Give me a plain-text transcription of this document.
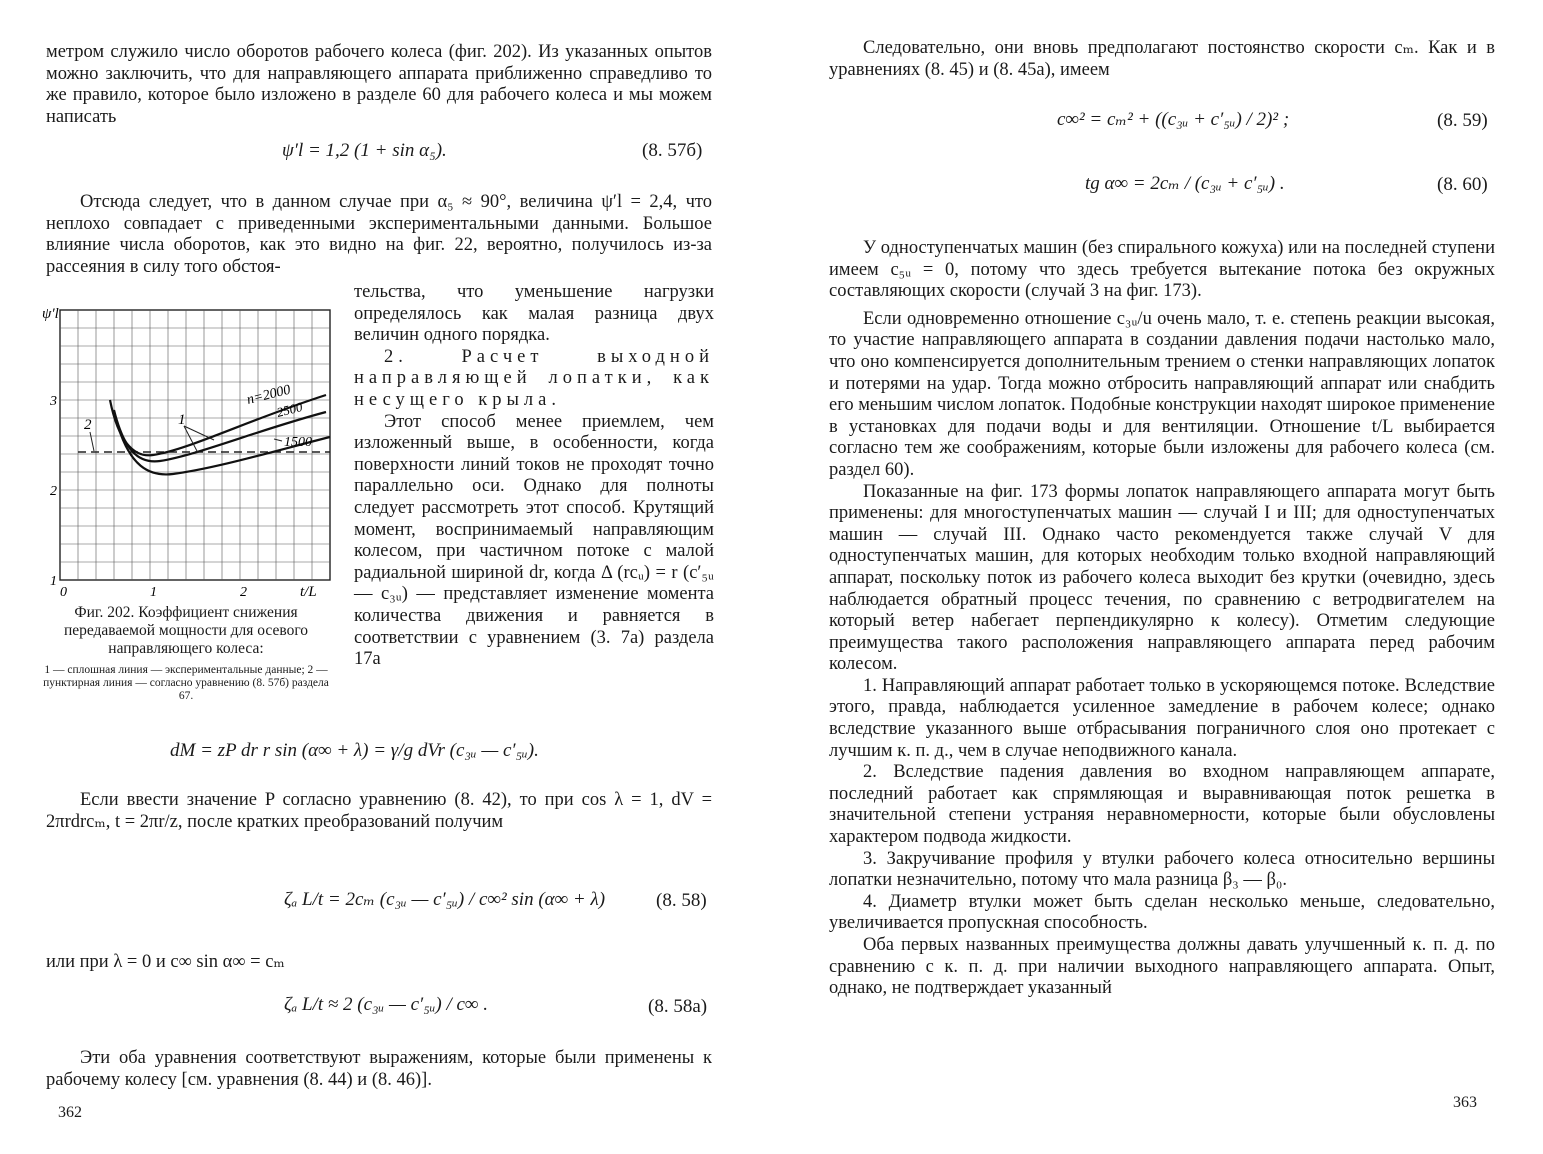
метром служило число оборотов рабочего колеса (фиг. 202). Из указанных опытов можно заключить, что для направляющего аппарата приближенно справедливо то же правило, которое было изложено в разделе 60 для рабочего колеса и мы можем написать

ψ′l = 1,2 (1 + sin α₅).	(8. 57б)

Отсюда следует, что в данном случае при α₅ ≈ 90°, величина ψ′l = 2,4, что неплохо совпадает с приведенными экспериментальными данными. Большое влияние числа оборотов, как это видно на фиг. 22, вероятно, получилось из-за рассеяния в силу того обстоя-

ψ′l
t/L
1
2
3
0	1	2
n=2000
2500
1500
1
2
Фиг. 202. Коэффициент снижения передаваемой мощности для осевого направляющего колеса:
1 — сплошная линия — экспериментальные данные; 2 — пунктирная линия — согласно уравнению (8. 57б) раздела 67.

тельства, что уменьшение нагрузки определялось как малая разница двух величин одного порядка.

2. Расчет выходной направляющей лопатки, как несущего крыла.

Этот способ менее приемлем, чем изложенный выше, в особенности, когда поверхности линий токов не проходят точно параллельно оси. Однако для полноты следует рассмотреть этот способ. Крутящий момент, воспринимаемый направляющим колесом, при частичном потоке с малой радиальной шириной dr, когда Δ (rcᵤ) = r (c′₅ᵤ — c₃ᵤ) — представляет изменение момента количества движения и равняется в соответствии с уравнением (3. 7а) раздела 17а

dM = zP dr r sin (α∞ + λ) = γ/g dVr (c₃ᵤ — c′₅ᵤ).

Если ввести значение P согласно уравнению (8. 42), то при cos λ = 1, dV = 2πrdrcₘ, t = 2πr/z, после кратких преобразований получим

ζₐ L/t = 2cₘ (c₃ᵤ — c′₅ᵤ) / c∞² sin (α∞ + λ)	(8. 58)

или при λ = 0 и c∞ sin α∞ = cₘ

ζₐ L/t ≈ 2 (c₃ᵤ — c′₅ᵤ) / c∞ .	(8. 58а)

Эти оба уравнения соответствуют выражениям, которые были применены к рабочему колесу [см. уравнения (8. 44) и (8. 46)].

362

Следовательно, они вновь предполагают постоянство скорости cₘ. Как и в уравнениях (8. 45) и (8. 45а), имеем

c∞² = cₘ² + ((c₃ᵤ + c′₅ᵤ) / 2)² ;	(8. 59)
tg α∞ = 2cₘ / (c₃ᵤ + c′₅ᵤ) .	(8. 60)

У одноступенчатых машин (без спирального кожуха) или на последней ступени имеем c₅ᵤ = 0, потому что здесь требуется вытекание потока без окружных составляющих скорости (случай 3 на фиг. 173).

Если одновременно отношение c₃ᵤ/u очень мало, т. е. степень реакции высокая, то участие направляющего аппарата в создании давления подачи настолько мало, что оно компенсируется дополнительным трением о стенки направляющих лопаток и потерями на удар. Тогда можно отбросить направляющий аппарат или снабдить его меньшим числом лопаток. Подобные конструкции находят широкое применение в установках для подачи воды и для вентиляции. Отношение t/L выбирается согласно тем же соображениям, которые были изложены для рабочего колеса (см. раздел 60).

Показанные на фиг. 173 формы лопаток направляющего аппарата могут быть применены: для многоступенчатых машин — случай I и III; для одноступенчатых машин — случай III. Однако часто рекомендуется также случай V для одноступенчатых машин, для которых необходим только входной направляющий аппарат, поскольку поток из рабочего колеса выходит без крутки (очевидно, здесь наблюдается обратный процесс течения, по сравнению с ветродвигателем на который ветер набегает перпендикулярно к колесу). Отметим следующие преимущества такого расположения направляющего аппарата перед рабочим колесом.

1. Направляющий аппарат работает только в ускоряющемся потоке. Вследствие этого, правда, наблюдается усиленное замедление в рабочем колесе; однако вследствие указанного выше отбрасывания пограничного слоя оно протекает с лучшим к. п. д., чем в случае неподвижного канала.

2. Вследствие падения давления во входном направляющем аппарате, последний работает как спрямляющая и выравнивающая поток решетка в значительной степени устраняя неравномерности, которые были обусловлены характером подвода жидкости.

3. Закручивание профиля у втулки рабочего колеса относительно вершины лопатки незначительно, потому что мала разница β₃ — β₀.

4. Диаметр втулки может быть сделан несколько меньше, следовательно, увеличивается пропускная способность.

Оба первых названных преимущества должны давать улучшенный к. п. д. по сравнению с к. п. д. при наличии выходного направляющего аппарата. Опыт, однако, не подтверждает указанный

363
